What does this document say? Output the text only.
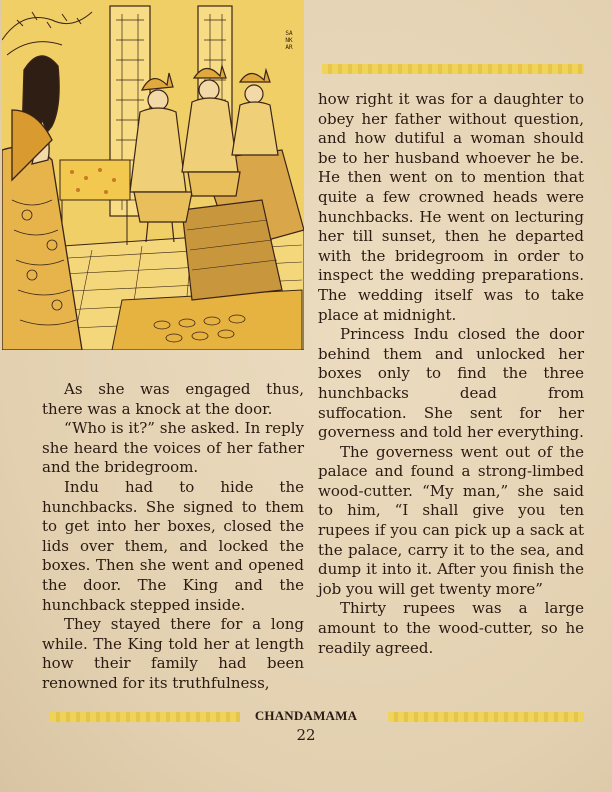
SANKAR

As she was engaged thus, there was a knock at the door.

“Who is it?” she asked. In reply she heard the voices of her father and the bridegroom.

Indu had to hide the hunchbacks. She signed to them to get into her boxes, closed the lids over them, and locked the boxes. Then she went and opened the door. The King and the hunchback stepped inside.

They stayed there for a long while. The King told her at length how their family had been renowned for its truthfulness,

how right it was for a daughter to obey her father without question, and how dutiful a woman should be to her husband whoever he be. He then went on to mention that quite a few crowned heads were hunchbacks. He went on lecturing her till sunset, then he departed with the bridegroom in order to inspect the wedding preparations. The wedding itself was to take place at midnight.

Princess Indu closed the door behind them and unlocked her boxes only to find the three hunchbacks dead from suffocation. She sent for her governess and told her everything.

The governess went out of the palace and found a strong-limbed wood-cutter. “My man,” she said to him, “I shall give you ten rupees if you can pick up a sack at the palace, carry it to the sea, and dump it into it. After you finish the job you will get twenty more”

Thirty rupees was a large amount to the wood-cutter, so he readily agreed.

CHANDAMAMA
22
